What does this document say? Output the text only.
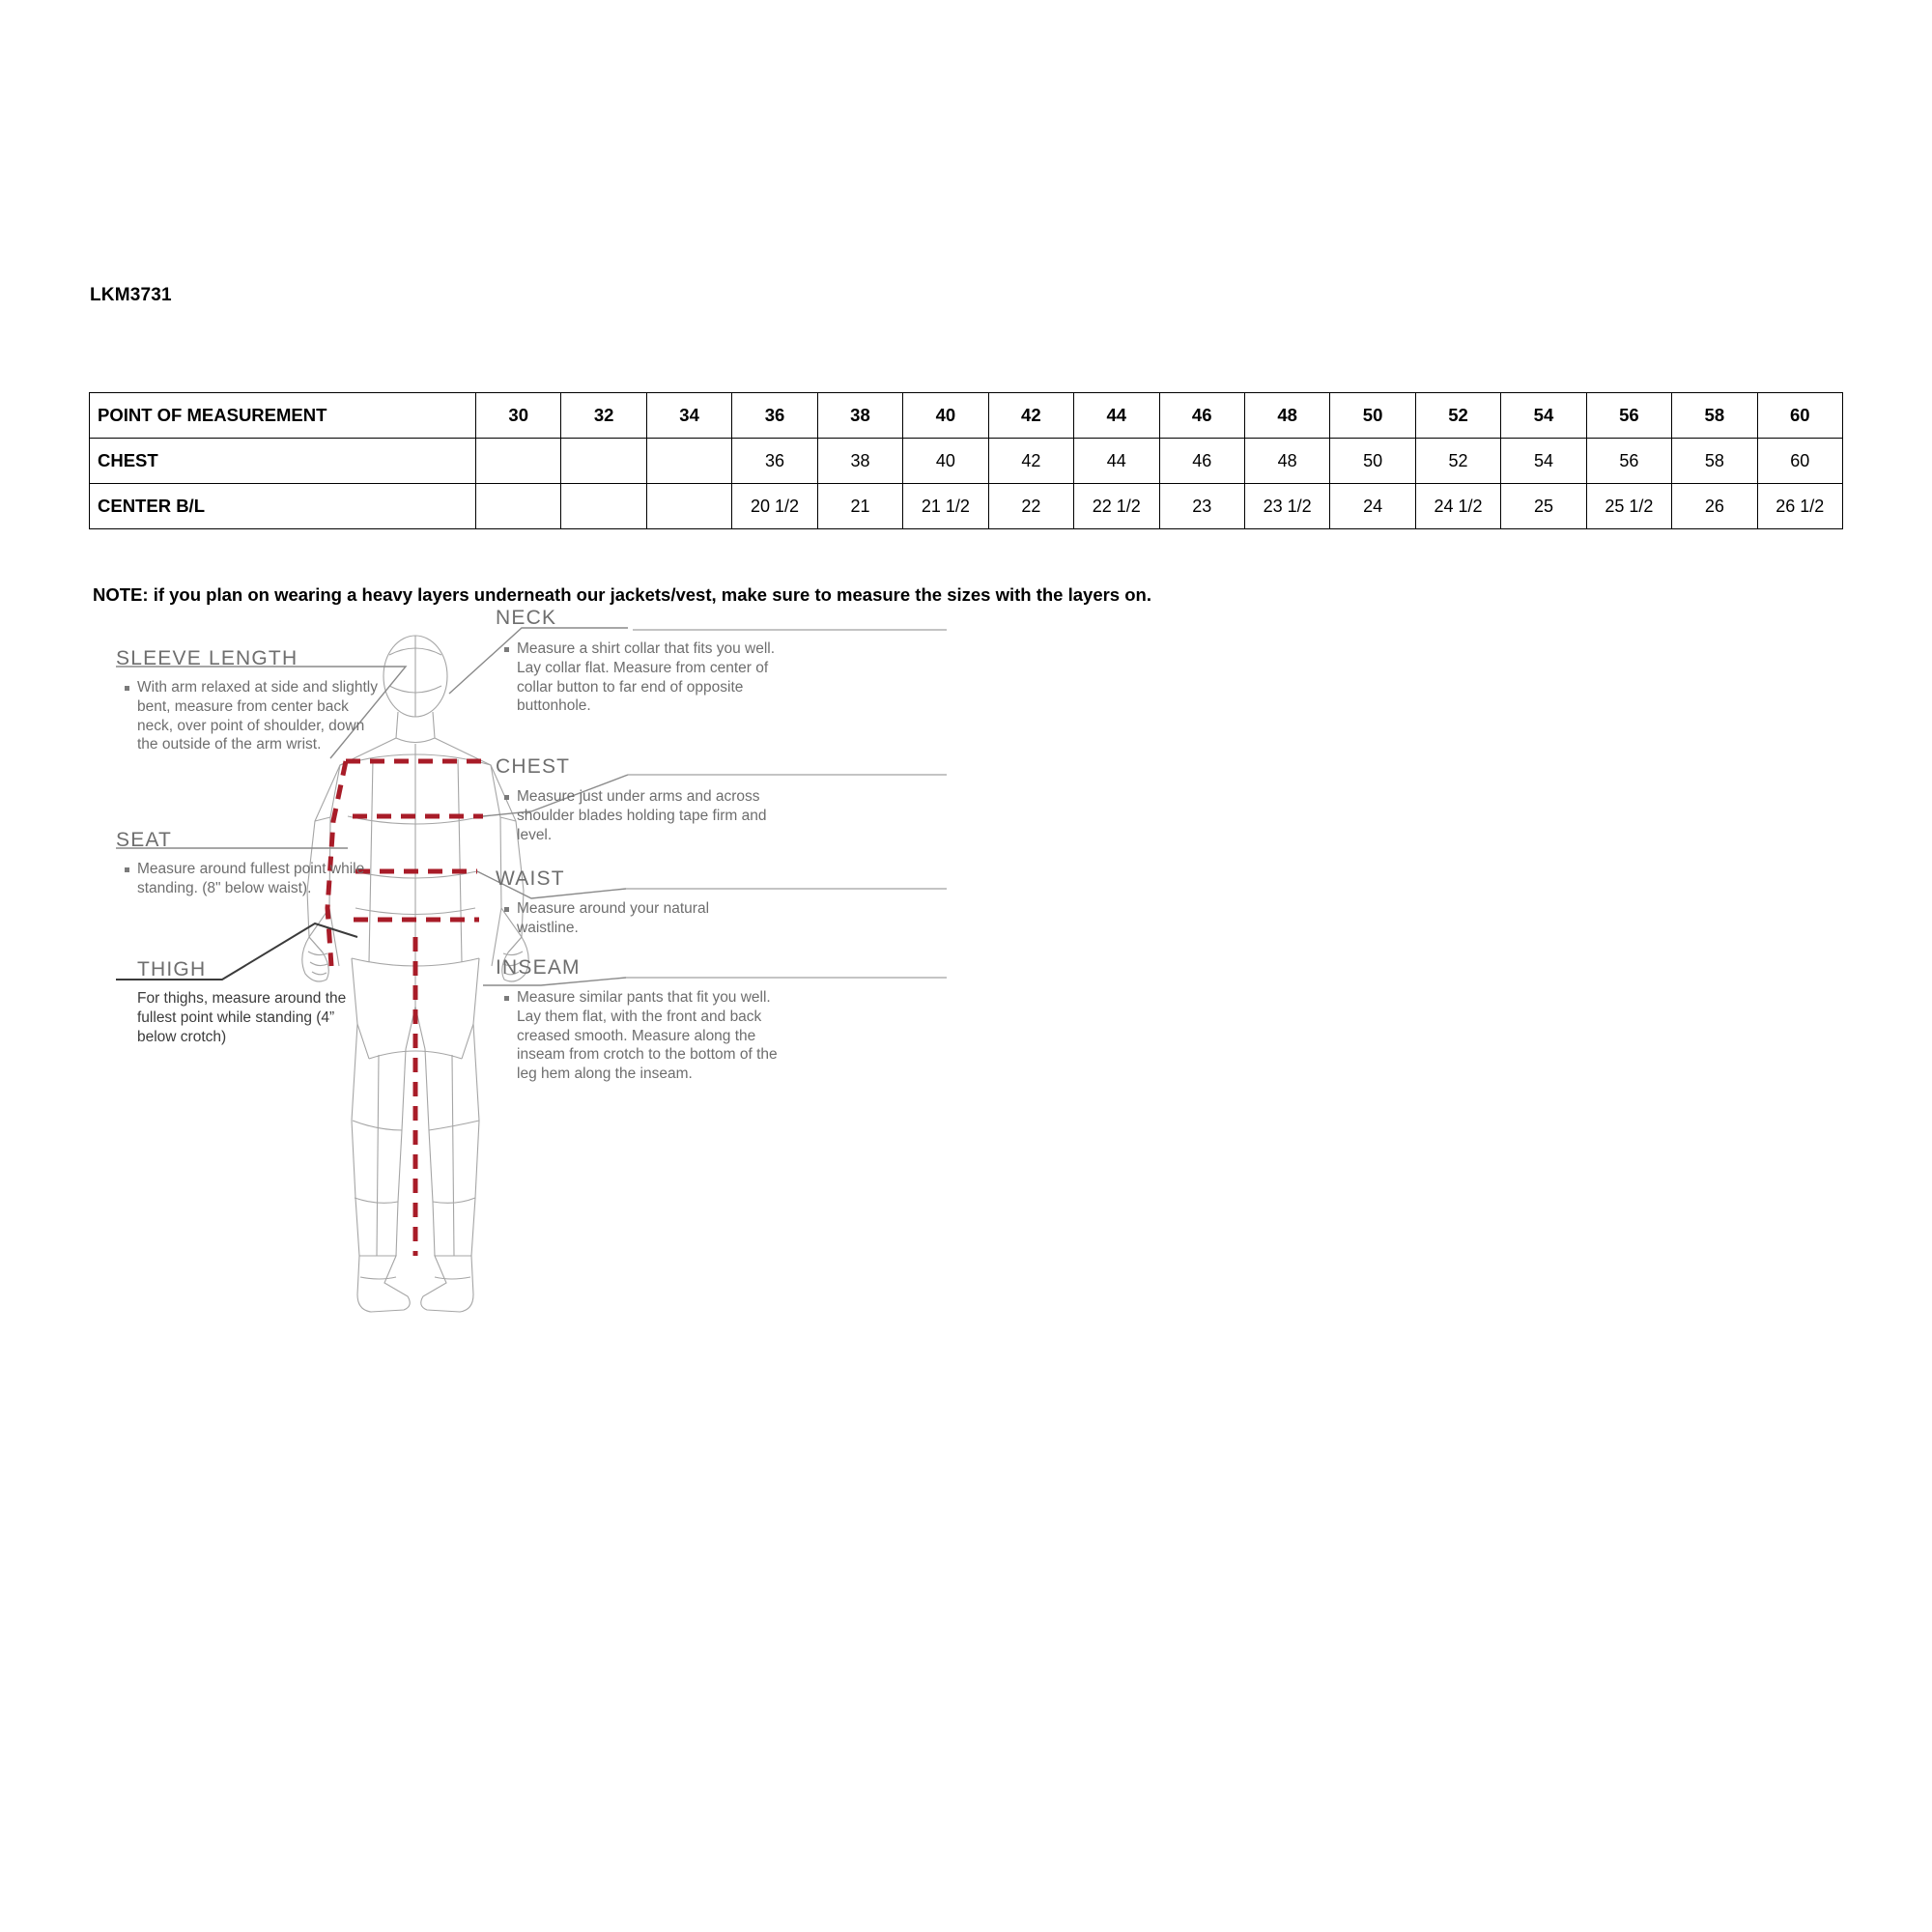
LKM3731
POINT OF MEASUREMENT	30	32	34	36	38	40	42	44	46	48	50	52	54	56	58	60
CHEST				36	38	40	42	44	46	48	50	52	54	56	58	60
CENTER B/L				20 1/2	21	21 1/2	22	22 1/2	23	23 1/2	24	24 1/2	25	25 1/2	26	26 1/2
NOTE: if you plan on wearing a heavy layers underneath our jackets/vest, make sure to measure the sizes with the layers on.
NECK
Measure a shirt collar that fits you well. Lay collar flat. Measure from center of collar button to far end of opposite buttonhole.
CHEST
Measure just under arms and across shoulder blades holding tape firm and level.
WAIST
Measure around your natural waistline.
INSEAM
Measure similar pants that fit you well. Lay them flat, with the front and back creased smooth. Measure along the inseam from crotch to the bottom of the leg hem along the inseam.
SLEEVE LENGTH
With arm relaxed at side and slightly bent, measure from center back neck, over point of shoulder, down the outside of the arm wrist.
SEAT
Measure around fullest point while standing. (8" below waist).
THIGH
For thighs, measure around the fullest point while standing (4” below crotch)
